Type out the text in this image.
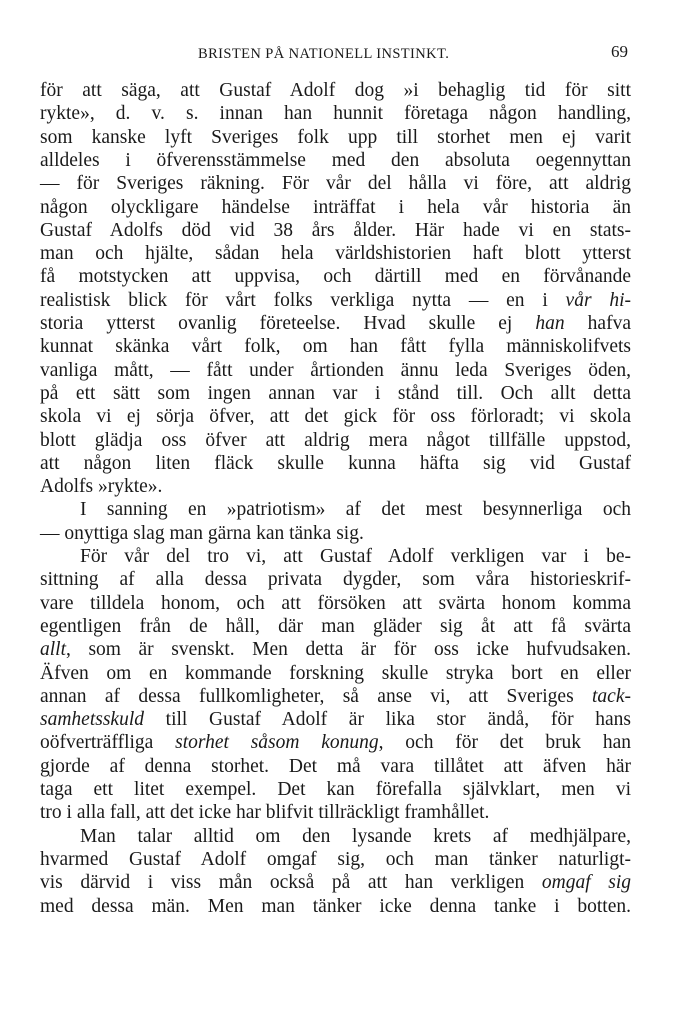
BRISTEN PÅ NATIONELL INSTINKT.	69
för att säga, att Gustaf Adolf dog »i behaglig tid för sitt
rykte», d. v. s. innan han hunnit företaga någon handling,
som kanske lyft Sveriges folk upp till storhet men ej varit
alldeles i öfverensstämmelse med den absoluta oegennyttan
— för Sveriges räkning. För vår del hålla vi före, att aldrig
någon olyckligare händelse inträffat i hela vår historia än
Gustaf Adolfs död vid 38 års ålder. Här hade vi en stats-
man och hjälte, sådan hela världshistorien haft blott ytterst
få motstycken att uppvisa, och därtill med en förvånande
realistisk blick för vårt folks verkliga nytta — en i vår hi-
storia ytterst ovanlig företeelse. Hvad skulle ej han hafva
kunnat skänka vårt folk, om han fått fylla människolifvets
vanliga mått, — fått under årtionden ännu leda Sveriges öden,
på ett sätt som ingen annan var i stånd till. Och allt detta
skola vi ej sörja öfver, att det gick för oss förloradt; vi skola
blott glädja oss öfver att aldrig mera något tillfälle uppstod,
att någon liten fläck skulle kunna häfta sig vid Gustaf
Adolfs »rykte».
I sanning en »patriotism» af det mest besynnerliga och
— onyttiga slag man gärna kan tänka sig.
För vår del tro vi, att Gustaf Adolf verkligen var i be-
sittning af alla dessa privata dygder, som våra historieskrif-
vare tilldela honom, och att försöken att svärta honom komma
egentligen från de håll, där man gläder sig åt att få svärta
allt, som är svenskt. Men detta är för oss icke hufvudsaken.
Äfven om en kommande forskning skulle stryka bort en eller
annan af dessa fullkomligheter, så anse vi, att Sveriges tack-
samhetsskuld till Gustaf Adolf är lika stor ändå, för hans
oöfverträffliga storhet såsom konung, och för det bruk han
gjorde af denna storhet. Det må vara tillåtet att äfven här
taga ett litet exempel. Det kan förefalla självklart, men vi
tro i alla fall, att det icke har blifvit tillräckligt framhållet.
Man talar alltid om den lysande krets af medhjälpare,
hvarmed Gustaf Adolf omgaf sig, och man tänker naturligt-
vis därvid i viss mån också på att han verkligen omgaf sig
med dessa män. Men man tänker icke denna tanke i botten.
